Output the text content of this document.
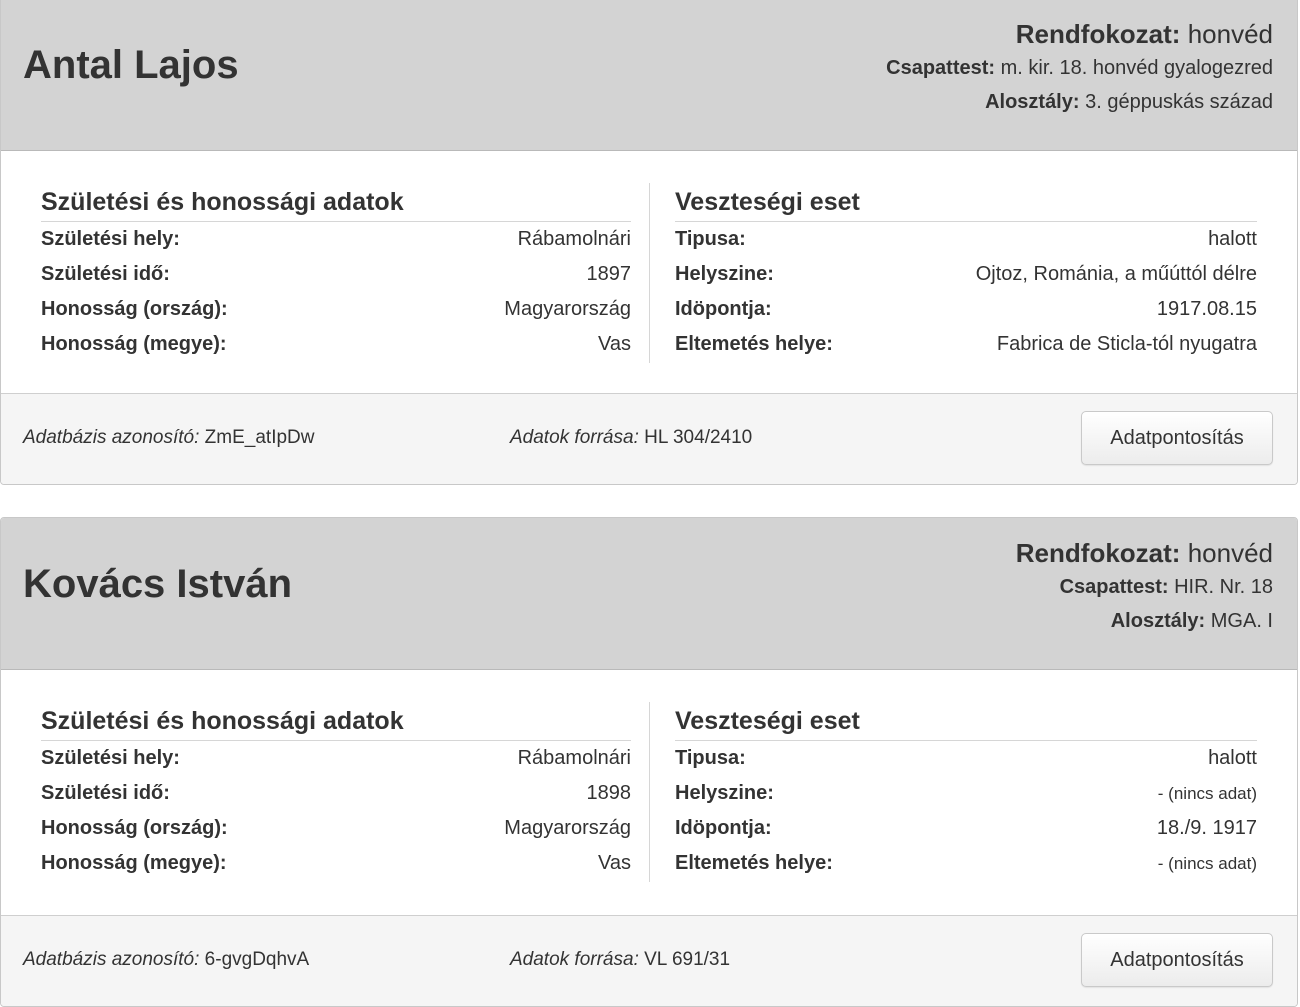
Antal Lajos
Rendfokozat: honvéd
Csapattest: m. kir. 18. honvéd gyalogezred
Alosztály: 3. géppuskás század
Születési és honossági adatok
Születési hely:	Rábamolnári
Születési idő:	1897
Honosság (ország):	Magyarország
Honosság (megye):	Vas
Veszteségi eset
Tipusa:	halott
Helyszine:	Ojtoz, Románia, a műúttól délre
Idöpontja:	1917.08.15
Eltemetés helye:	Fabrica de Sticla-tól nyugatra
Adatbázis azonosító: ZmE_atIpDw	Adatok forrása: HL 304/2410	Adatpontosítás
Kovács István
Rendfokozat: honvéd
Csapattest: HIR. Nr. 18
Alosztály: MGA. I
Születési és honossági adatok
Születési hely:	Rábamolnári
Születési idő:	1898
Honosság (ország):	Magyarország
Honosság (megye):	Vas
Veszteségi eset
Tipusa:	halott
Helyszine:	- (nincs adat)
Idöpontja:	18./9. 1917
Eltemetés helye:	- (nincs adat)
Adatbázis azonosító: 6-gvgDqhvA	Adatok forrása: VL 691/31	Adatpontosítás
